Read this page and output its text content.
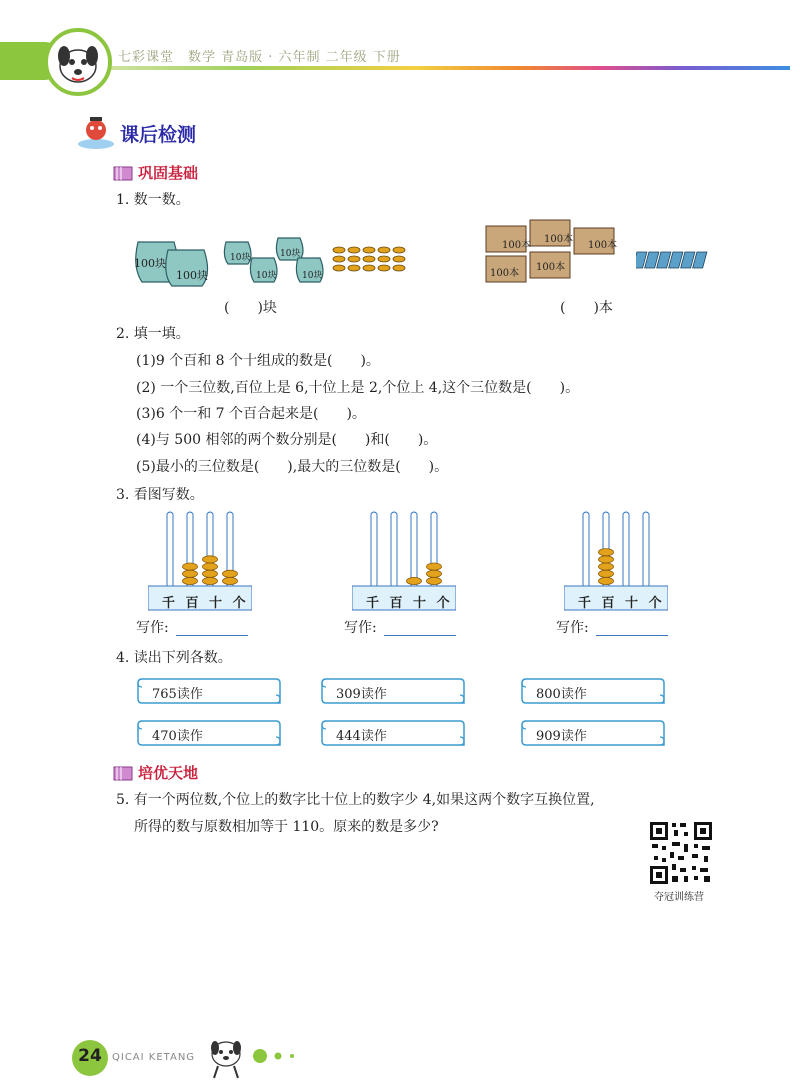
七彩课堂　数学 青岛版 · 六年制 二年级 下册
课后检测
巩固基础
1. 数一数。
100块
100块
10块	10块
10块	10块
(　　)块
100本
100本
100本
100本
100本
(　　)本
2. 填一填。
(1)9 个百和 8 个十组成的数是(　　)。
(2) 一个三位数,百位上是 6,十位上是 2,个位上 4,这个三位数是(　　)。
(3)6 个一和 7 个百合起来是(　　)。
(4)与 500 相邻的两个数分别是(　　)和(　　)。
(5)最小的三位数是(　　),最大的三位数是(　　)。
3. 看图写数。
千 百 十 个	千 百 十 个	千 百 十 个
写作:	写作:	写作:
4. 读出下列各数。
765读作	309读作	800读作
470读作	444读作	909读作
培优天地
5. 有一个两位数,个位上的数字比十位上的数字少 4,如果这两个数字互换位置,
所得的数与原数相加等于 110。原来的数是多少?
夺冠训练营
24	QICAI KETANG
